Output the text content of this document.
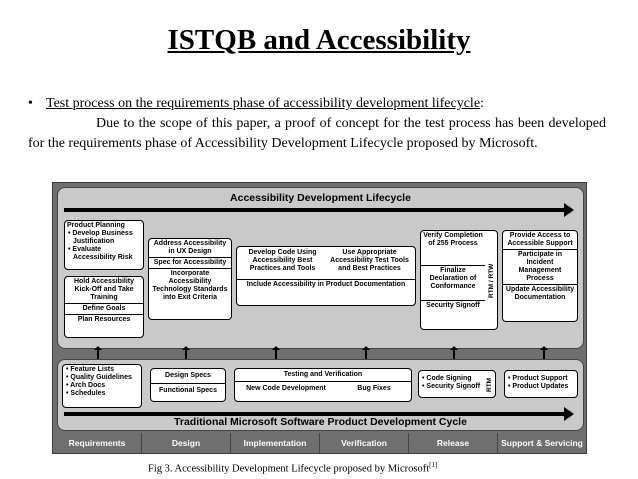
ISTQB and Accessibility
• Test process on the requirements phase of accessibility development lifecycle:
Due to the scope of this paper, a proof of concept for the test process has been developed for the requirements phase of Accessibility Development Lifecycle proposed by Microsoft.
Accessibility Development Lifecycle
Product Planning
• Develop Business Justification
• Evaluate Accessibility Risk
Hold Accessibility Kick-Off and Take Training
Define Goals
Plan Resources
Address Accessibility in UX Design
Spec for Accessibility
Incorporate Accessibility Technology Standards into Exit Criteria
Develop Code Using Accessibility Best Practices and Tools
Use Appropriate Accessibility Test Tools and Best Practices
Include Accessibility in Product Documentation
Verify Completion of 255 Process
Finalize Declaration of Conformance
Security Signoff
RTM / RTW
Provide Access to Accessible Support
Participate in Incident Management Process
Update Accessibility Documentation
• Feature Lists
• Quality Guidelines
• Arch Docs
• Schedules
Design Specs
Functional Specs
Testing and Verification
New Code Development	Bug Fixes
• Code Signing
• Security Signoff RTM • Product Support
• Product Updates
Traditional Microsoft Software Product Development Cycle
Requirements	Design	Implementation	Verification	Release	Support & Servicing
Fig 3. Accessibility Development Lifecycle proposed by Microsoft[1]
